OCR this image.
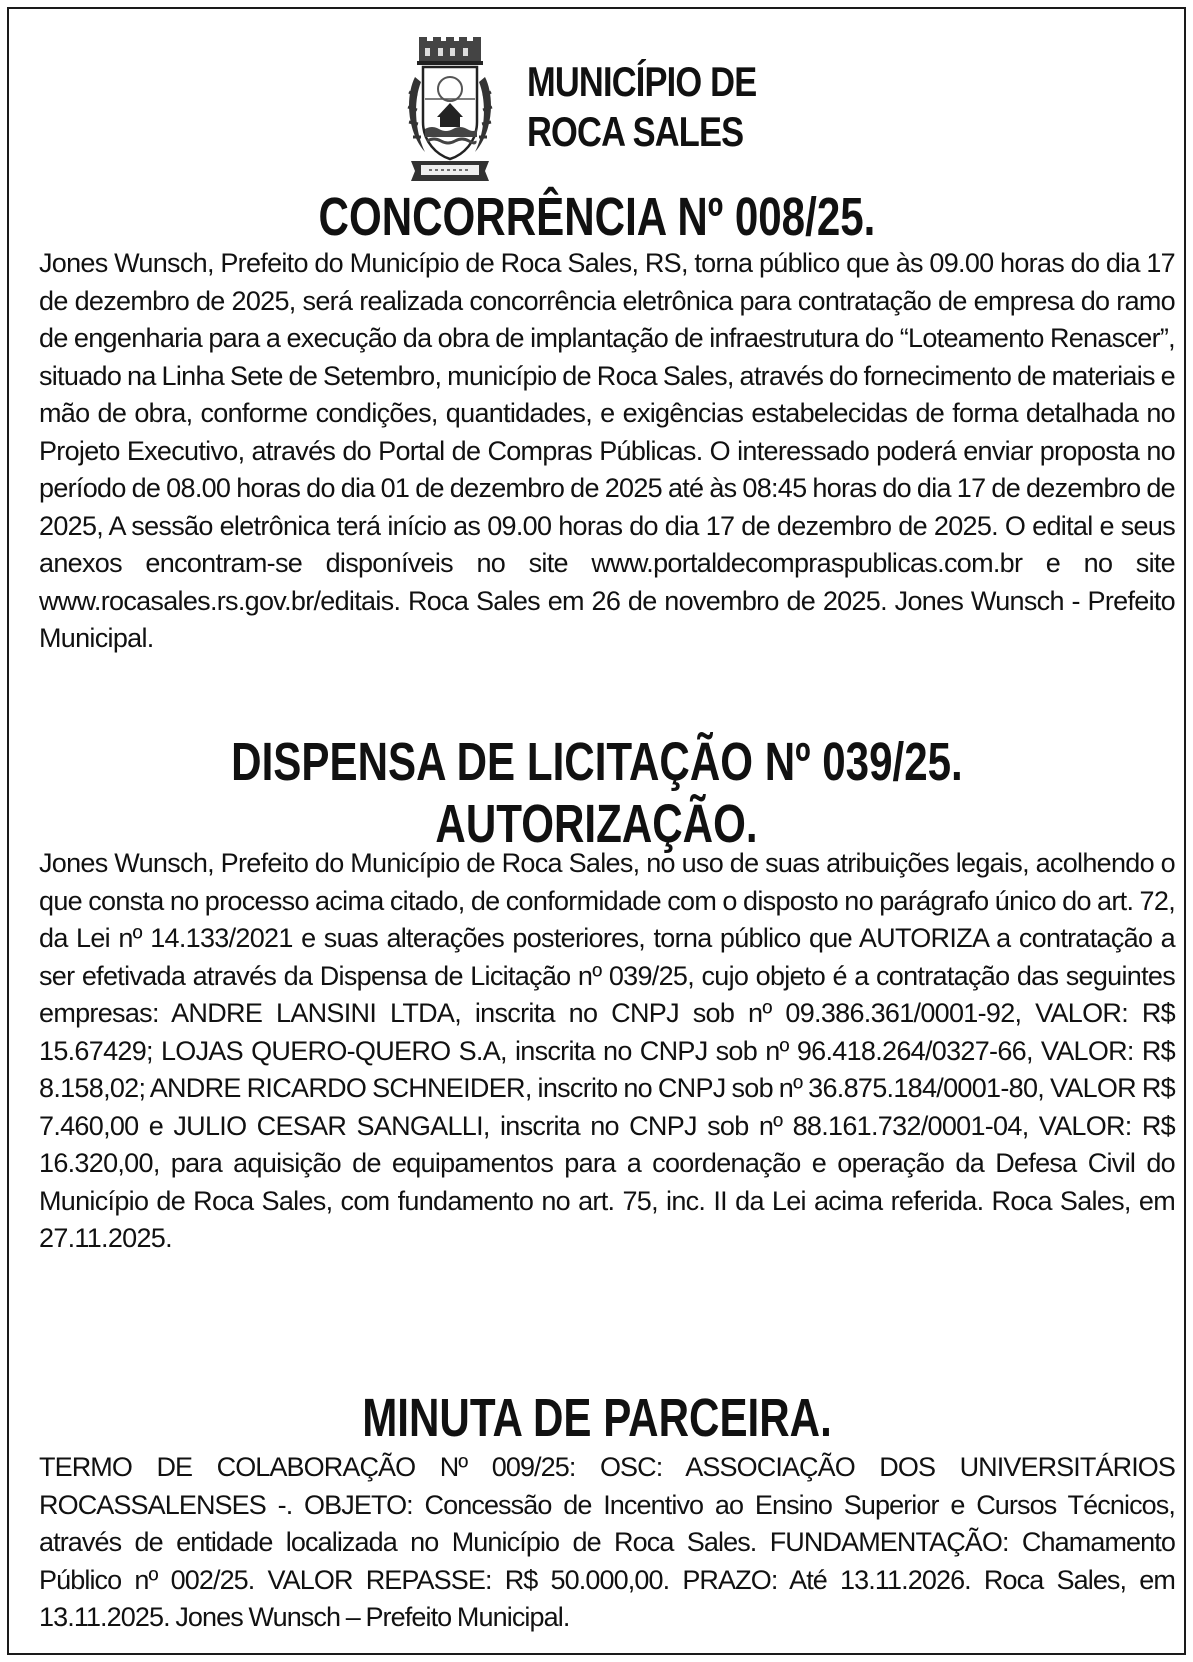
MUNICÍPIO DE
ROCA SALES
CONCORRÊNCIA Nº 008/25.
Jones Wunsch, Prefeito do Município de Roca Sales, RS, torna público que às 09.00 horas do dia 17 de dezembro de 2025, será realizada concorrência eletrônica para contratação de empresa do ramo de engenharia para a execução da obra de implantação de infraestrutura do “Loteamento Renascer”, situado na Linha Sete de Setembro, município de Roca Sales, através do fornecimento de materiais e mão de obra, conforme condições, quantidades, e exigências estabelecidas de forma detalhada no Projeto Executivo, através do Portal de Compras Públicas. O interessado poderá enviar proposta no período de 08.00 horas do dia 01 de dezembro de 2025 até às 08:45 horas do dia 17 de dezembro de 2025, A sessão eletrônica terá início as 09.00 horas do dia 17 de dezembro de 2025. O edital e seus anexos encontram-se disponíveis no site www.portaldecompraspublicas.com.br e no site www.rocasales.rs.gov.br/editais. Roca Sales em 26 de novembro de 2025. Jones Wunsch - Prefeito Municipal.
DISPENSA DE LICITAÇÃO Nº 039/25.
AUTORIZAÇÃO.
Jones Wunsch, Prefeito do Município de Roca Sales, no uso de suas atribuições legais, acolhendo o que consta no processo acima citado, de conformidade com o disposto no parágrafo único do art. 72, da Lei nº 14.133/2021 e suas alterações posteriores, torna público que AUTORIZA a contratação a ser efetivada através da Dispensa de Licitação nº 039/25, cujo objeto é a contratação das seguintes empresas: ANDRE LANSINI LTDA, inscrita no CNPJ sob nº 09.386.361/0001-92, VALOR: R$ 15.67429; LOJAS QUERO-QUERO S.A, inscrita no CNPJ sob nº 96.418.264/0327-66, VALOR: R$ 8.158,02; ANDRE RICARDO SCHNEIDER, inscrito no CNPJ sob nº 36.875.184/0001-80, VALOR R$ 7.460,00 e JULIO CESAR SANGALLI, inscrita no CNPJ sob nº 88.161.732/0001-04, VALOR: R$ 16.320,00, para aquisição de equipamentos para a coordenação e operação da Defesa Civil do Município de Roca Sales, com fundamento no art. 75, inc. II da Lei acima referida. Roca Sales, em 27.11.2025.
MINUTA DE PARCEIRA.
TERMO DE COLABORAÇÃO Nº 009/25: OSC: ASSOCIAÇÃO DOS UNIVERSITÁRIOS ROCASSALENSES -. OBJETO: Concessão de Incentivo ao Ensino Superior e Cursos Técnicos, através de entidade localizada no Município de Roca Sales. FUNDAMENTAÇÃO: Chamamento Público nº 002/25. VALOR REPASSE: R$ 50.000,00. PRAZO: Até 13.11.2026. Roca Sales, em 13.11.2025. Jones Wunsch – Prefeito Municipal.
